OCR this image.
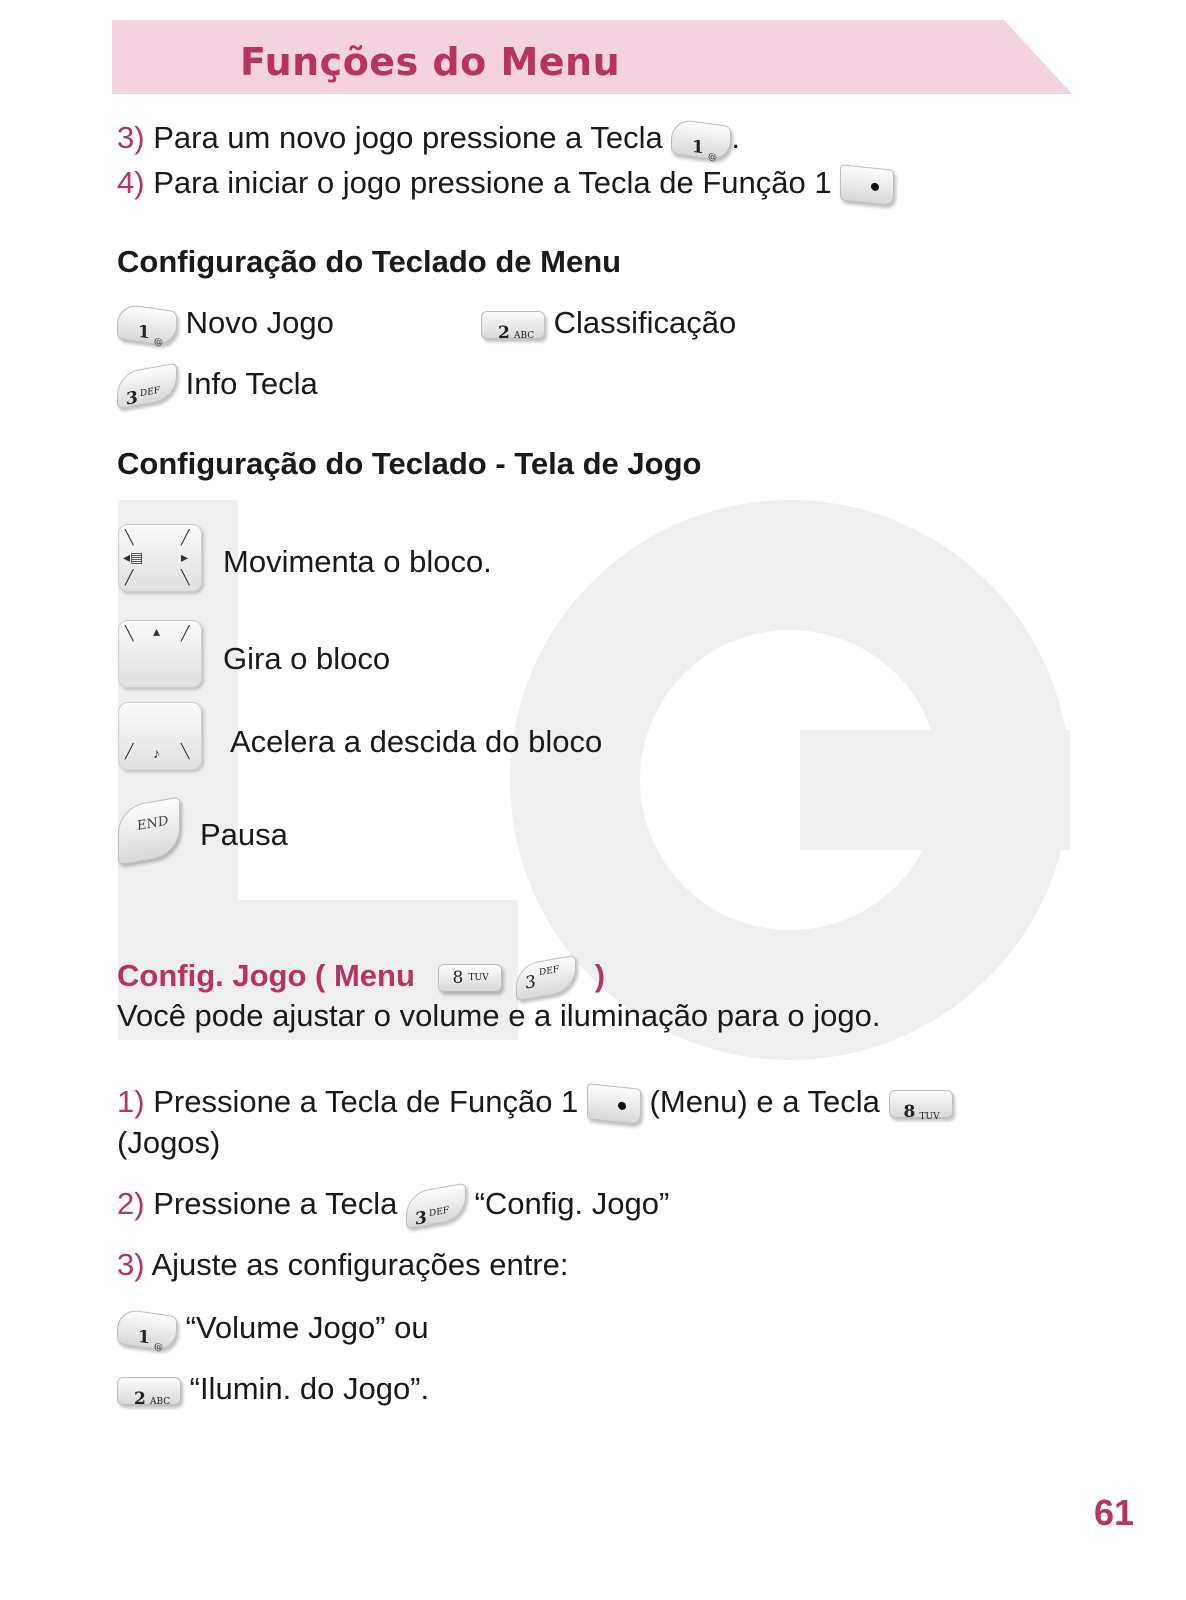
Funções do Menu
3) Para um novo jogo pressione a Tecla 1 @
.
4) Para iniciar o jogo pressione a Tecla de Função 1
Configuração do Teclado de Menu
1 @
Novo Jogo	2 ABC Classificação
3 DEF Info Tecla
Configuração do Teclado - Tela de Jogo
╲	╱
◂▤	▸
╱	╲ Movimenta o bloco.
╲ ▴ ╱
Gira o bloco
╱ ♪ ╲ Acelera a descida do bloco
END Pausa
Config. Jogo ( Menu 8 TUV
3
DEF )
Você pode ajustar o volume e a iluminação para o jogo.
1) Pressione a Tecla de Função 1 (Menu) e a Tecla 8 TUV
(Jogos)
2) Pressione a Tecla 3 DEF “Config. Jogo”
3) Ajuste as configurações entre:
1 @
“Volume Jogo” ou
2 ABC “Ilumin. do Jogo”.
61
